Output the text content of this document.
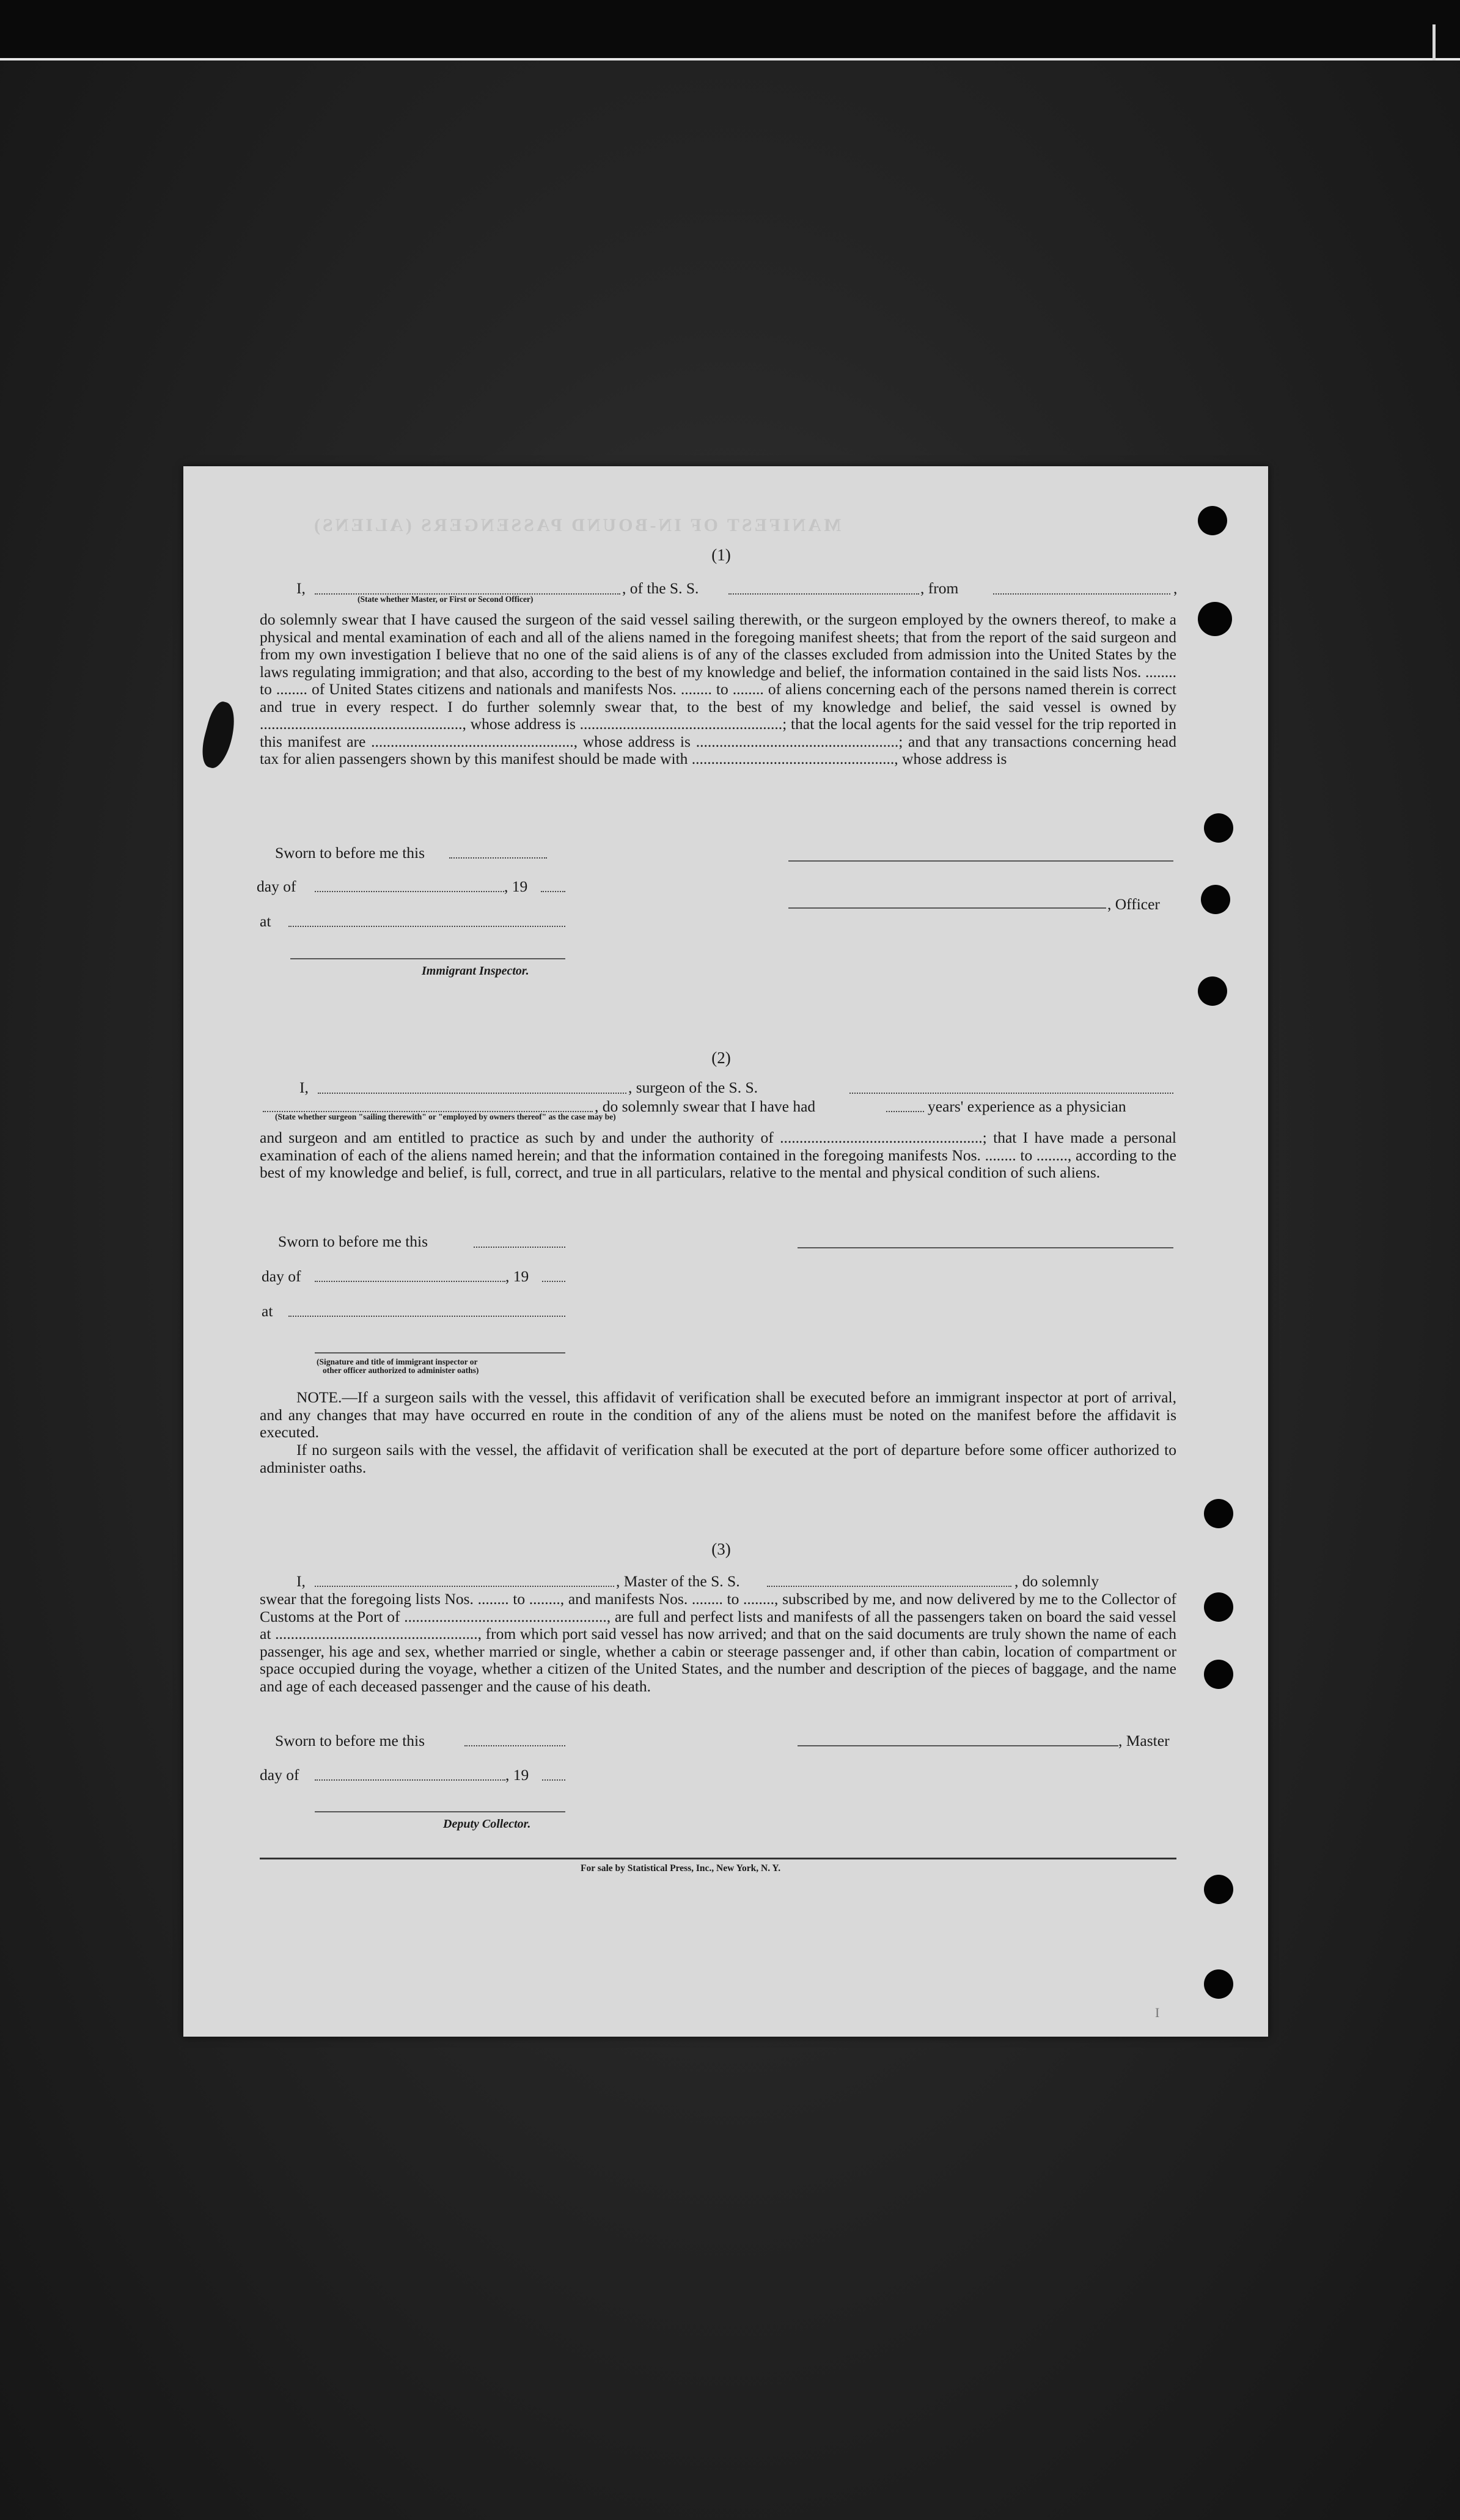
MANIFEST OF IN-BOUND PASSENGERS (ALIENS)
(1)
I,	, of the S. S.	, from	,
(State whether Master, or First or Second Officer)
do solemnly swear that I have caused the surgeon of the said vessel sailing therewith, or the surgeon employed by the owners thereof, to make a physical and mental examination of each and all of the aliens named in the foregoing manifest sheets; that from the report of the said surgeon and from my own investigation I believe that no one of the said aliens is of any of the classes excluded from admission into the United States by the laws regulating immigration; and that also, according to the best of my knowledge and belief, the information contained in the said lists Nos. ........ to ........ of United States citizens and nationals and manifests Nos. ........ to ........ of aliens concerning each of the persons named therein is correct and true in every respect. I do further solemnly swear that, to the best of my knowledge and belief, the said vessel is owned by ...................................................., whose address is ....................................................; that the local agents for the said vessel for the trip reported in this manifest are ...................................................., whose address is ....................................................; and that any transactions concerning head tax for alien passengers shown by this manifest should be made with ...................................................., whose address is
Sworn to before me this
day of	, 19
, Officer
at
Immigrant Inspector.
(2)
I,	, surgeon of the S. S.
, do solemnly swear that I have had	years' experience as a physician
(State whether surgeon "sailing therewith" or "employed by owners thereof" as the case may be)
and surgeon and am entitled to practice as such by and under the authority of ....................................................; that I have made a personal examination of each of the aliens named herein; and that the information contained in the foregoing manifests Nos. ........ to ........, according to the best of my knowledge and belief, is full, correct, and true in all particulars, relative to the mental and physical condition of such aliens.
Sworn to before me this
day of	, 19
at
(Signature and title of immigrant inspector or
other officer authorized to administer oaths)
NOTE.—If a surgeon sails with the vessel, this affidavit of verification shall be executed before an immigrant inspector at port of arrival, and any changes that may have occurred en route in the condition of any of the aliens must be noted on the manifest before the affidavit is executed.
If no surgeon sails with the vessel, the affidavit of verification shall be executed at the port of departure before some officer authorized to administer oaths.
(3)
I,	, Master of the S. S.	, do solemnly
swear that the foregoing lists Nos. ........ to ........, and manifests Nos. ........ to ........, subscribed by me, and now delivered by me to the Collector of Customs at the Port of ...................................................., are full and perfect lists and manifests of all the passengers taken on board the said vessel at ...................................................., from which port said vessel has now arrived; and that on the said documents are truly shown the name of each passenger, his age and sex, whether married or single, whether a cabin or steerage passenger and, if other than cabin, location of compartment or space occupied during the voyage, whether a citizen of the United States, and the number and description of the pieces of baggage, and the name and age of each deceased passenger and the cause of his death.
Sworn to before me this	, Master
day of	, 19
Deputy Collector.
For sale by Statistical Press, Inc., New York, N. Y.
I
